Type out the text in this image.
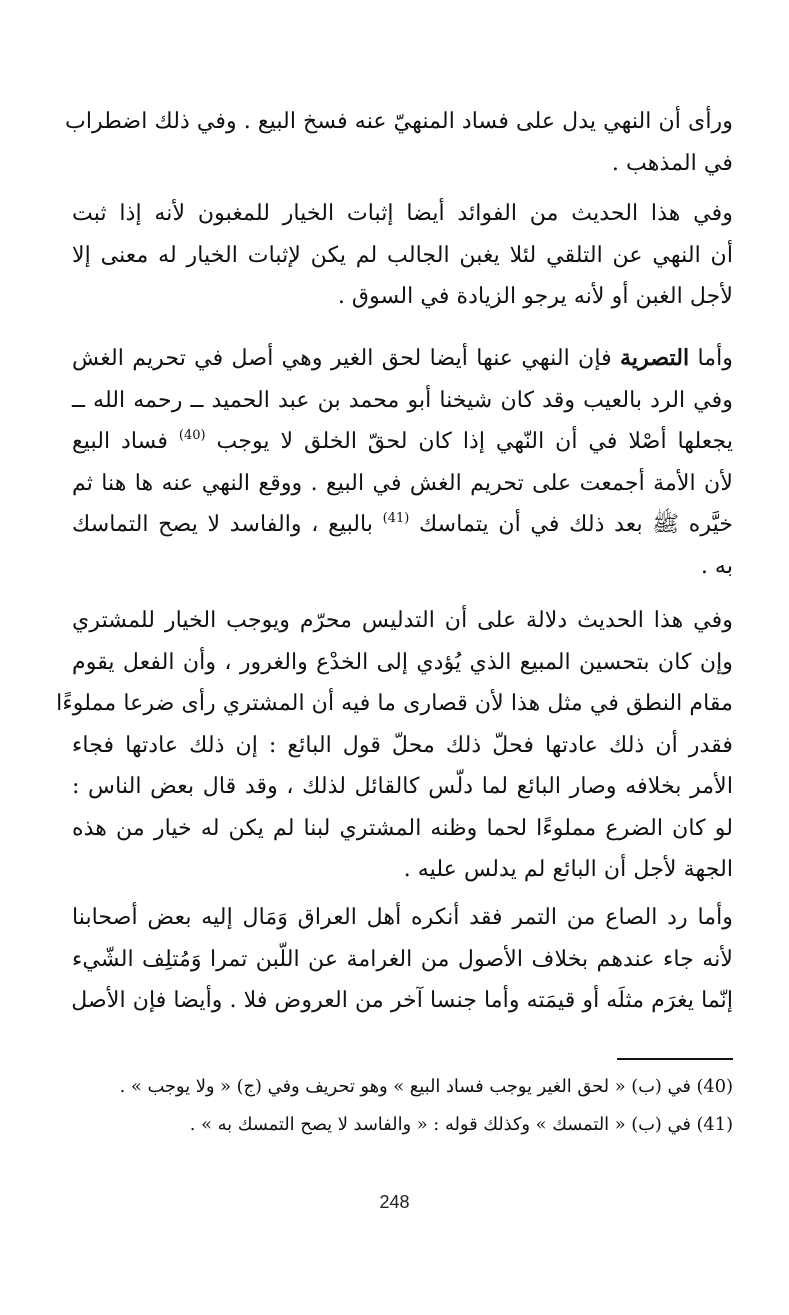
ورأى أن النهي يدل على فساد المنهيّ عنه فسخ البيع . وفي ذلك اضطراب
في المذهب .
وفي هذا الحديث من الفوائد أيضا إثبات الخيار للمغبون لأنه إذا ثبت
أن النهي عن التلقي لئلا يغبن الجالب لم يكن لإثبات الخيار له معنى إلا
لأجل الغبن أو لأنه يرجو الزيادة في السوق .
وأما التصرية فإن النهي عنها أيضا لحق الغير وهي أصل في تحريم الغش
وفي الرد بالعيب وقد كان شيخنا أبو محمد بن عبد الحميد ــ رحمه الله ــ
يجعلها أصْلا في أن النّهي إذا كان لحقّ الخلق لا يوجب $^{(40)}$ فساد البيع
لأن الأمة أجمعت على تحريم الغش في البيع . ووقع النهي عنه ها هنا ثم
خيَّره ﷺ بعد ذلك في أن يتماسك $^{(41)}$ بالبيع ، والفاسد لا يصح التماسك
به .
وفي هذا الحديث دلالة على أن التدليس محرّم ويوجب الخيار للمشتري
وإن كان بتحسين المبيع الذي يُؤدي إلى الخدْع والغرور ، وأن الفعل يقوم
مقام النطق في مثل هذا لأن قصارى ما فيه أن المشتري رأى ضرعا مملوءًا
فقدر أن ذلك عادتها فحلّ ذلك محلّ قول البائع : إن ذلك عادتها فجاء
الأمر بخلافه وصار البائع لما دلّس كالقائل لذلك ، وقد قال بعض الناس :
لو كان الضرع مملوءًا لحما وظنه المشتري لبنا لم يكن له خيار من هذه
الجهة لأجل أن البائع لم يدلس عليه .
وأما رد الصاع من التمر فقد أنكره أهل العراق وَمَال إليه بعض أصحابنا
لأنه جاء عندهم بخلاف الأصول من الغرامة عن اللّبن تمرا وَمُتلِف الشّيء
إنّما يغرَم مثلَه أو قيمَته وأما جنسا آخر من العروض فلا . وأيضا فإن الأصل
(40) في (ب) « لحق الغير يوجب فساد البيع » وهو تحريف وفي (ج) « ولا يوجب » .
(41) في (ب) « التمسك » وكذلك قوله : « والفاسد لا يصح التمسك به » .
248
